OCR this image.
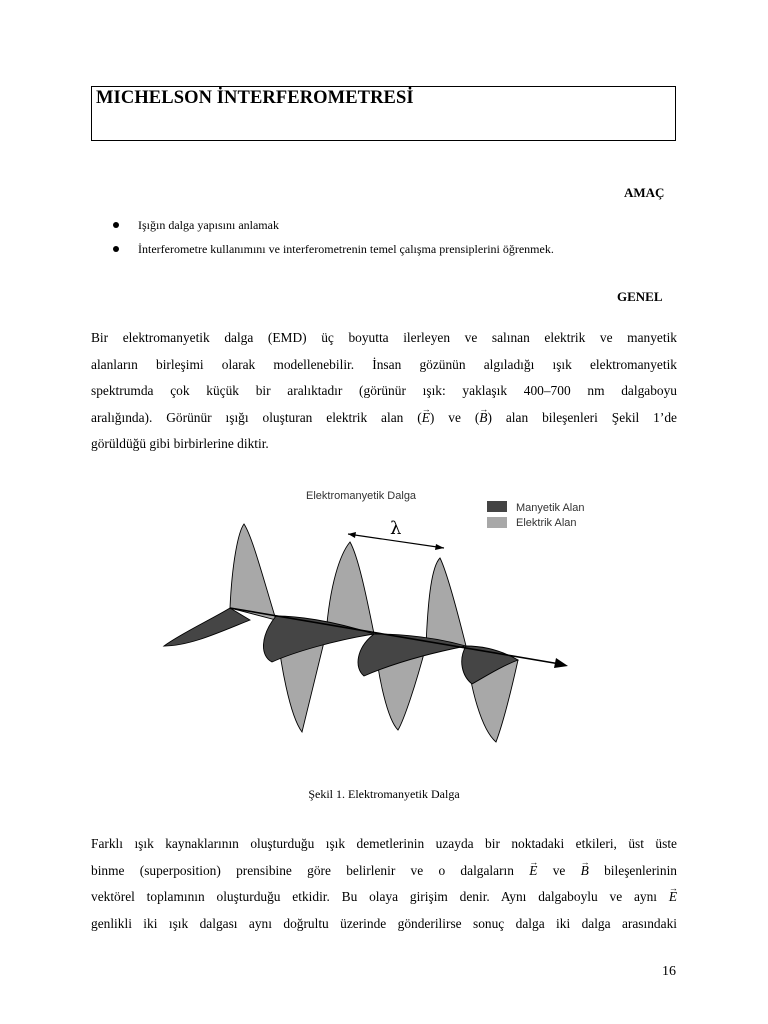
MICHELSON İNTERFEROMETRESİ
AMAÇ
Işığın dalga yapısını anlamak
İnterferometre kullanımını ve interferometrenin temel çalışma prensiplerini öğrenmek.
GENEL
Bir elektromanyetik dalga (EMD) üç boyutta ilerleyen ve salınan elektrik ve manyetik
alanların birleşimi olarak modellenebilir. İnsan gözünün algıladığı ışık elektromanyetik
spektrumda çok küçük bir aralıktadır (görünür ışık: yaklaşık 400–700 nm dalgaboyu
aralığında). Görünür ışığı oluşturan elektrik alan (→ E) ve (→ B) alan bileşenleri Şekil 1’de
görüldüğü gibi birbirlerine diktir.
Elektromanyetik Dalga
Manyetik Alan
Elektrik Alan
λ
Şekil 1. Elektromanyetik Dalga
Farklı ışık kaynaklarının oluşturduğu ışık demetlerinin uzayda bir noktadaki etkileri, üst üste
binme (superposition) prensibine göre belirlenir ve o dalgaların → E ve → B bileşenlerinin
vektörel toplamının oluşturduğu etkidir. Bu olaya girişim denir. Aynı dalgaboylu ve aynı → E
genlikli iki ışık dalgası aynı doğrultu üzerinde gönderilirse sonuç dalga iki dalga arasındaki
16
